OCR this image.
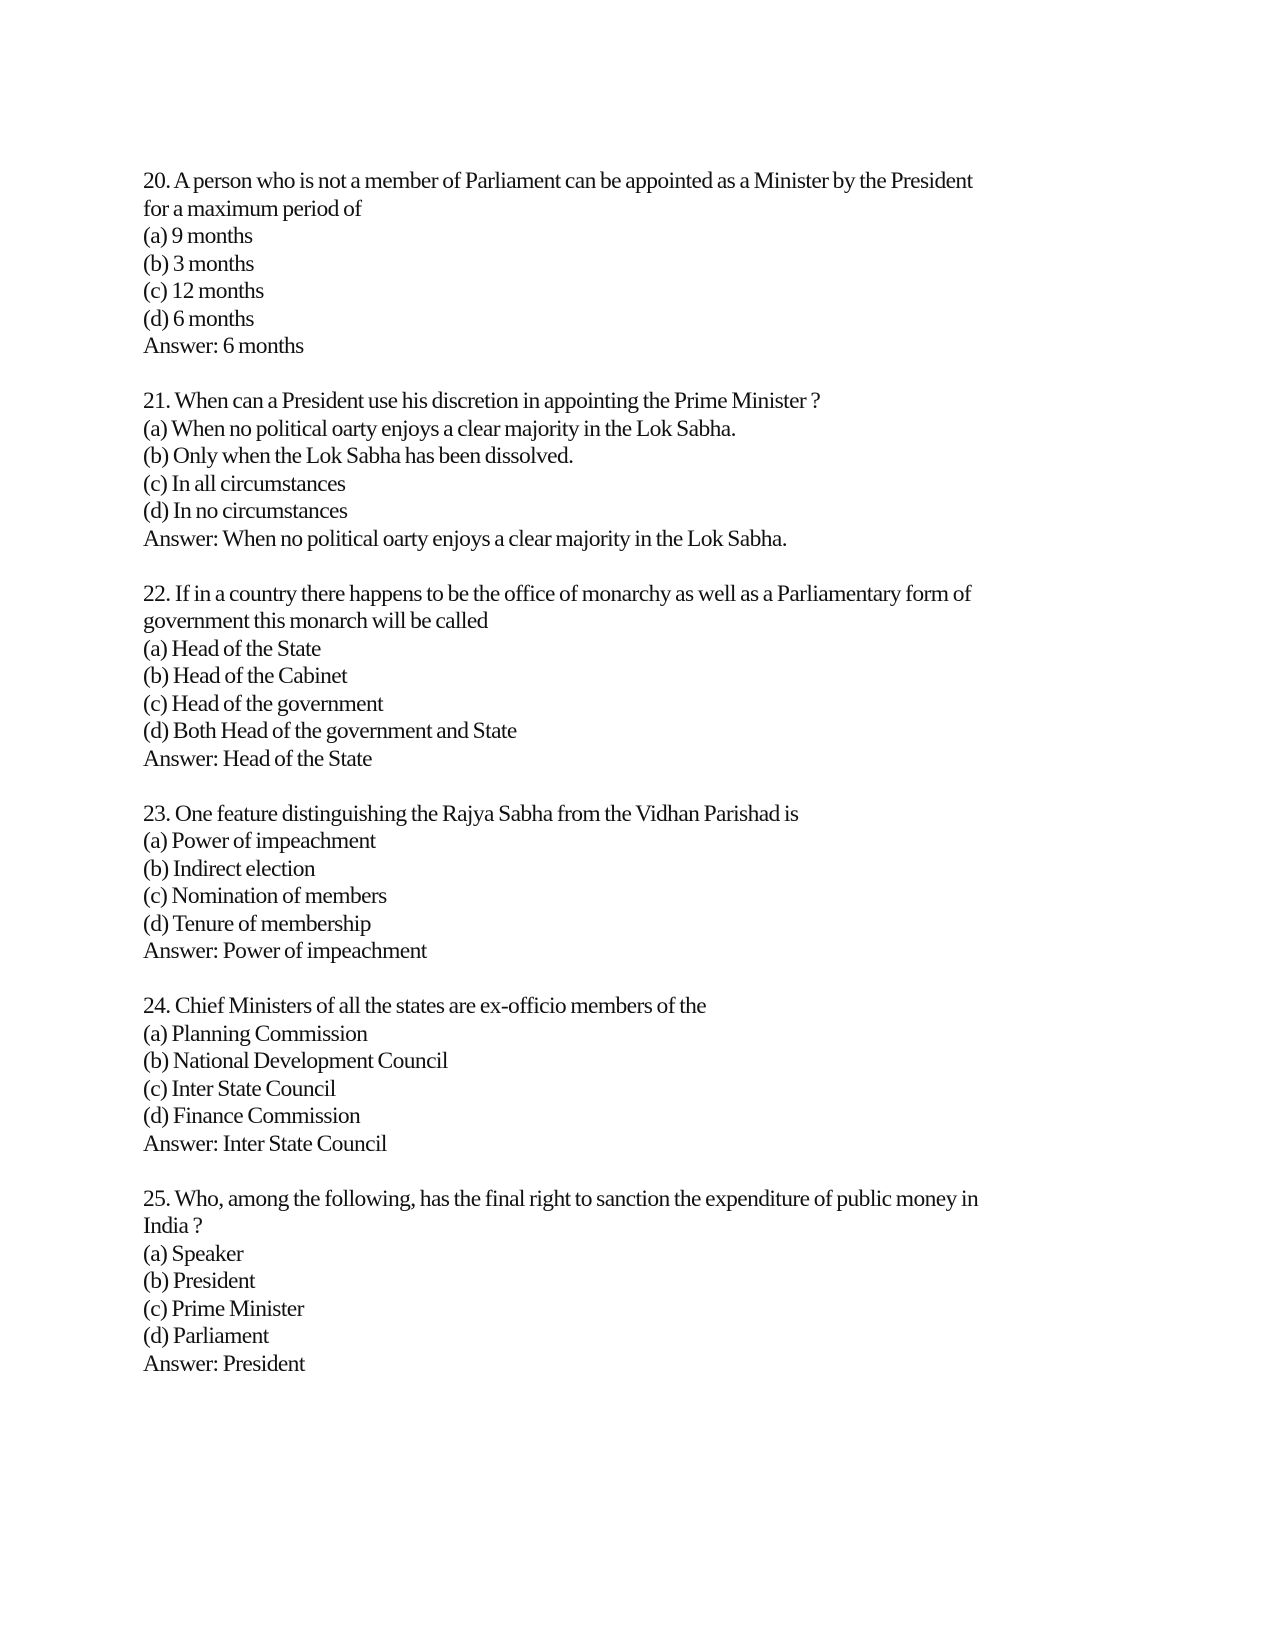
20. A person who is not a member of Parliament can be appointed as a Minister by the President
for a maximum period of
(a) 9 months
(b) 3 months
(c) 12 months
(d) 6 months
Answer: 6 months
21. When can a President use his discretion in appointing the Prime Minister ?
(a) When no political oarty enjoys a clear majority in the Lok Sabha.
(b) Only when the Lok Sabha has been dissolved.
(c) In all circumstances
(d) In no circumstances
Answer: When no political oarty enjoys a clear majority in the Lok Sabha.
22. If in a country there happens to be the office of monarchy as well as a Parliamentary form of
government this monarch will be called
(a) Head of the State
(b) Head of the Cabinet
(c) Head of the government
(d) Both Head of the government and State
Answer: Head of the State
23. One feature distinguishing the Rajya Sabha from the Vidhan Parishad is
(a) Power of impeachment
(b) Indirect election
(c) Nomination of members
(d) Tenure of membership
Answer: Power of impeachment
24. Chief Ministers of all the states are ex-officio members of the
(a) Planning Commission
(b) National Development Council
(c) Inter State Council
(d) Finance Commission
Answer: Inter State Council
25. Who, among the following, has the final right to sanction the expenditure of public money in
India ?
(a) Speaker
(b) President
(c) Prime Minister
(d) Parliament
Answer: President
